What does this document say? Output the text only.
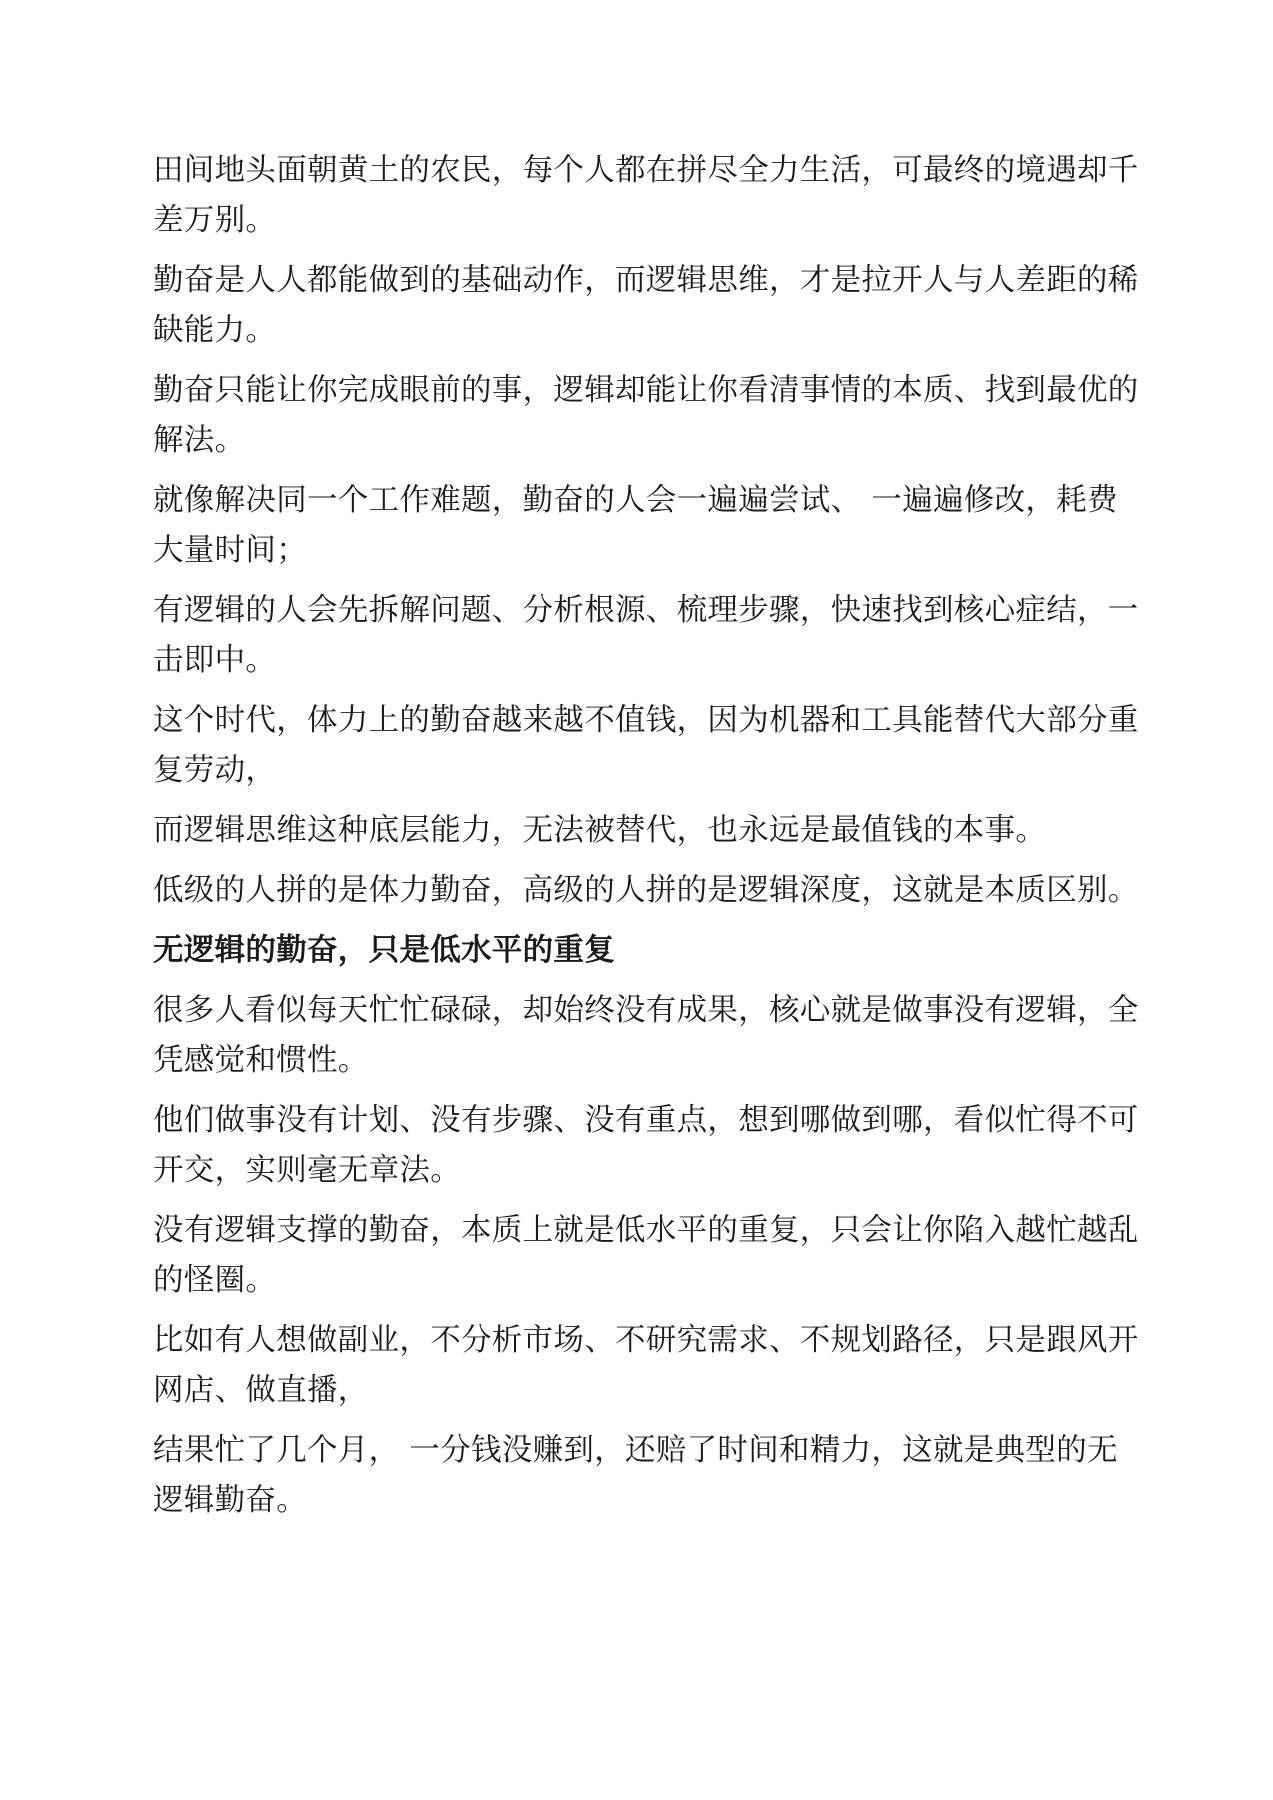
田间地头面朝黄土的农民，每个人都在拼尽全力生活，可最终的境遇却千差万别。

勤奋是人人都能做到的基础动作，而逻辑思维，才是拉开人与人差距的稀缺能力。

勤奋只能让你完成眼前的事，逻辑却能让你看清事情的本质、找到最优的解法。

就像解决同一个工作难题，勤奋的人会一遍遍尝试、 一遍遍修改，耗费大量时间；

有逻辑的人会先拆解问题、分析根源、梳理步骤，快速找到核心症结，一击即中。

这个时代，体力上的勤奋越来越不值钱，因为机器和工具能替代大部分重复劳动，

而逻辑思维这种底层能力，无法被替代，也永远是最值钱的本事。

低级的人拼的是体力勤奋，高级的人拼的是逻辑深度，这就是本质区别。

无逻辑的勤奋，只是低水平的重复

很多人看似每天忙忙碌碌，却始终没有成果，核心就是做事没有逻辑，全凭感觉和惯性。

他们做事没有计划、没有步骤、没有重点，想到哪做到哪，看似忙得不可开交，实则毫无章法。

没有逻辑支撑的勤奋，本质上就是低水平的重复，只会让你陷入越忙越乱的怪圈。

比如有人想做副业，不分析市场、不研究需求、不规划路径，只是跟风开网店、做直播，

结果忙了几个月， 一分钱没赚到，还赔了时间和精力，这就是典型的无逻辑勤奋。
